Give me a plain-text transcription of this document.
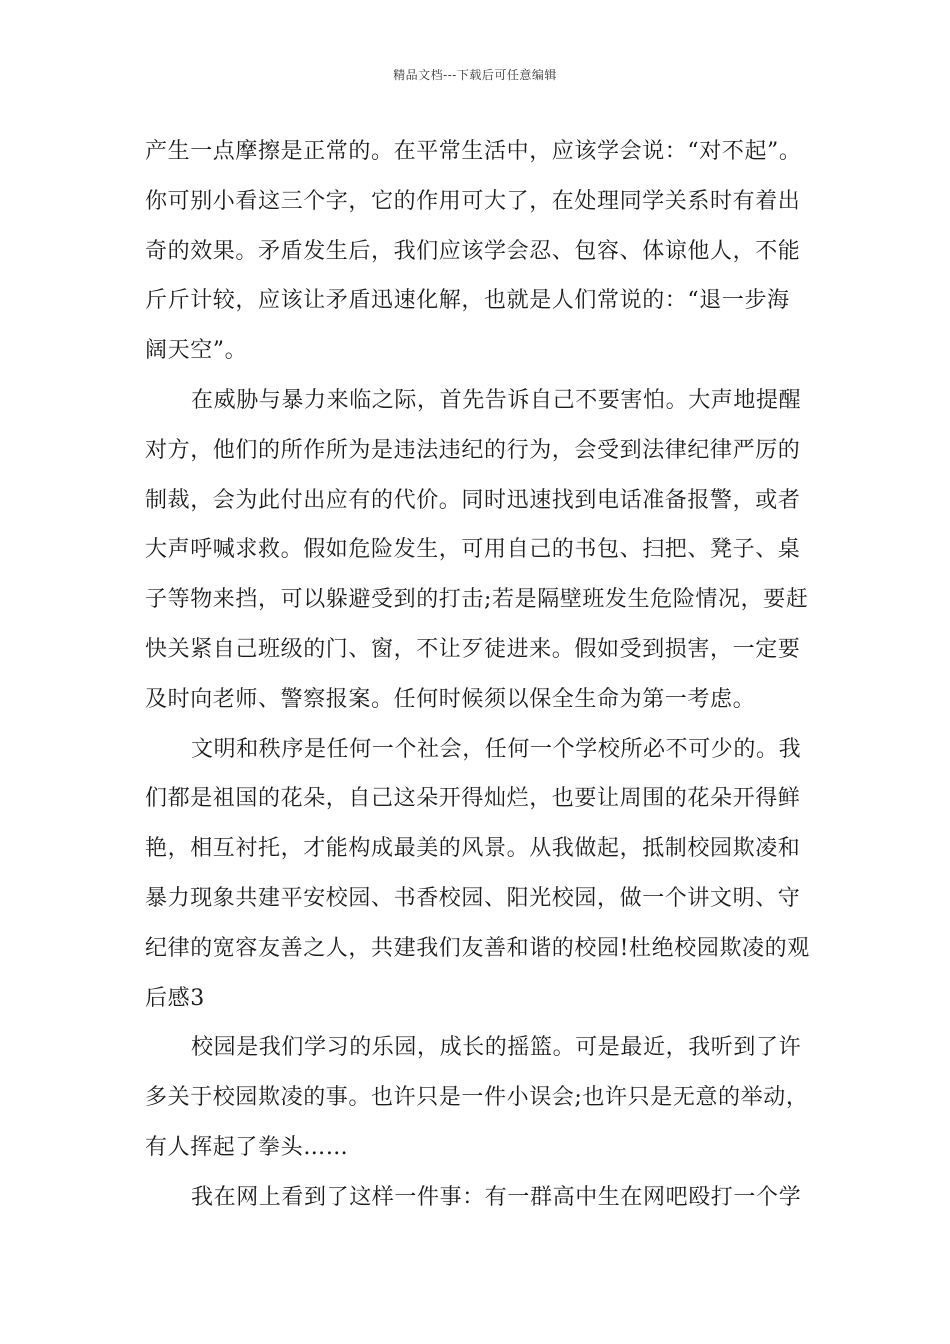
精品文档---下载后可任意编辑
产生一点摩擦是正常的。在平常生活中，应该学会说：“对不起”。
你可别小看这三个字，它的作用可大了，在处理同学关系时有着出
奇的效果。矛盾发生后，我们应该学会忍、包容、体谅他人，不能
斤斤计较，应该让矛盾迅速化解，也就是人们常说的：“退一步海
阔天空”。
在威胁与暴力来临之际，首先告诉自己不要害怕。大声地提醒
对方，他们的所作所为是违法违纪的行为，会受到法律纪律严厉的
制裁，会为此付出应有的代价。同时迅速找到电话准备报警，或者
大声呼喊求救。假如危险发生，可用自己的书包、扫把、凳子、桌
子等物来挡，可以躲避受到的打击;若是隔壁班发生危险情况，要赶
快关紧自己班级的门、窗，不让歹徒进来。假如受到损害，一定要
及时向老师、警察报案。任何时候须以保全生命为第一考虑。
文明和秩序是任何一个社会，任何一个学校所必不可少的。我
们都是祖国的花朵，自己这朵开得灿烂，也要让周围的花朵开得鲜
艳，相互衬托，才能构成最美的风景。从我做起，抵制校园欺凌和
暴力现象共建平安校园、书香校园、阳光校园，做一个讲文明、守
纪律的宽容友善之人，共建我们友善和谐的校园!杜绝校园欺凌的观
后感3
校园是我们学习的乐园，成长的摇篮。可是最近，我听到了许
多关于校园欺凌的事。也许只是一件小误会;也许只是无意的举动，
有人挥起了拳头……
我在网上看到了这样一件事：有一群高中生在网吧殴打一个学
